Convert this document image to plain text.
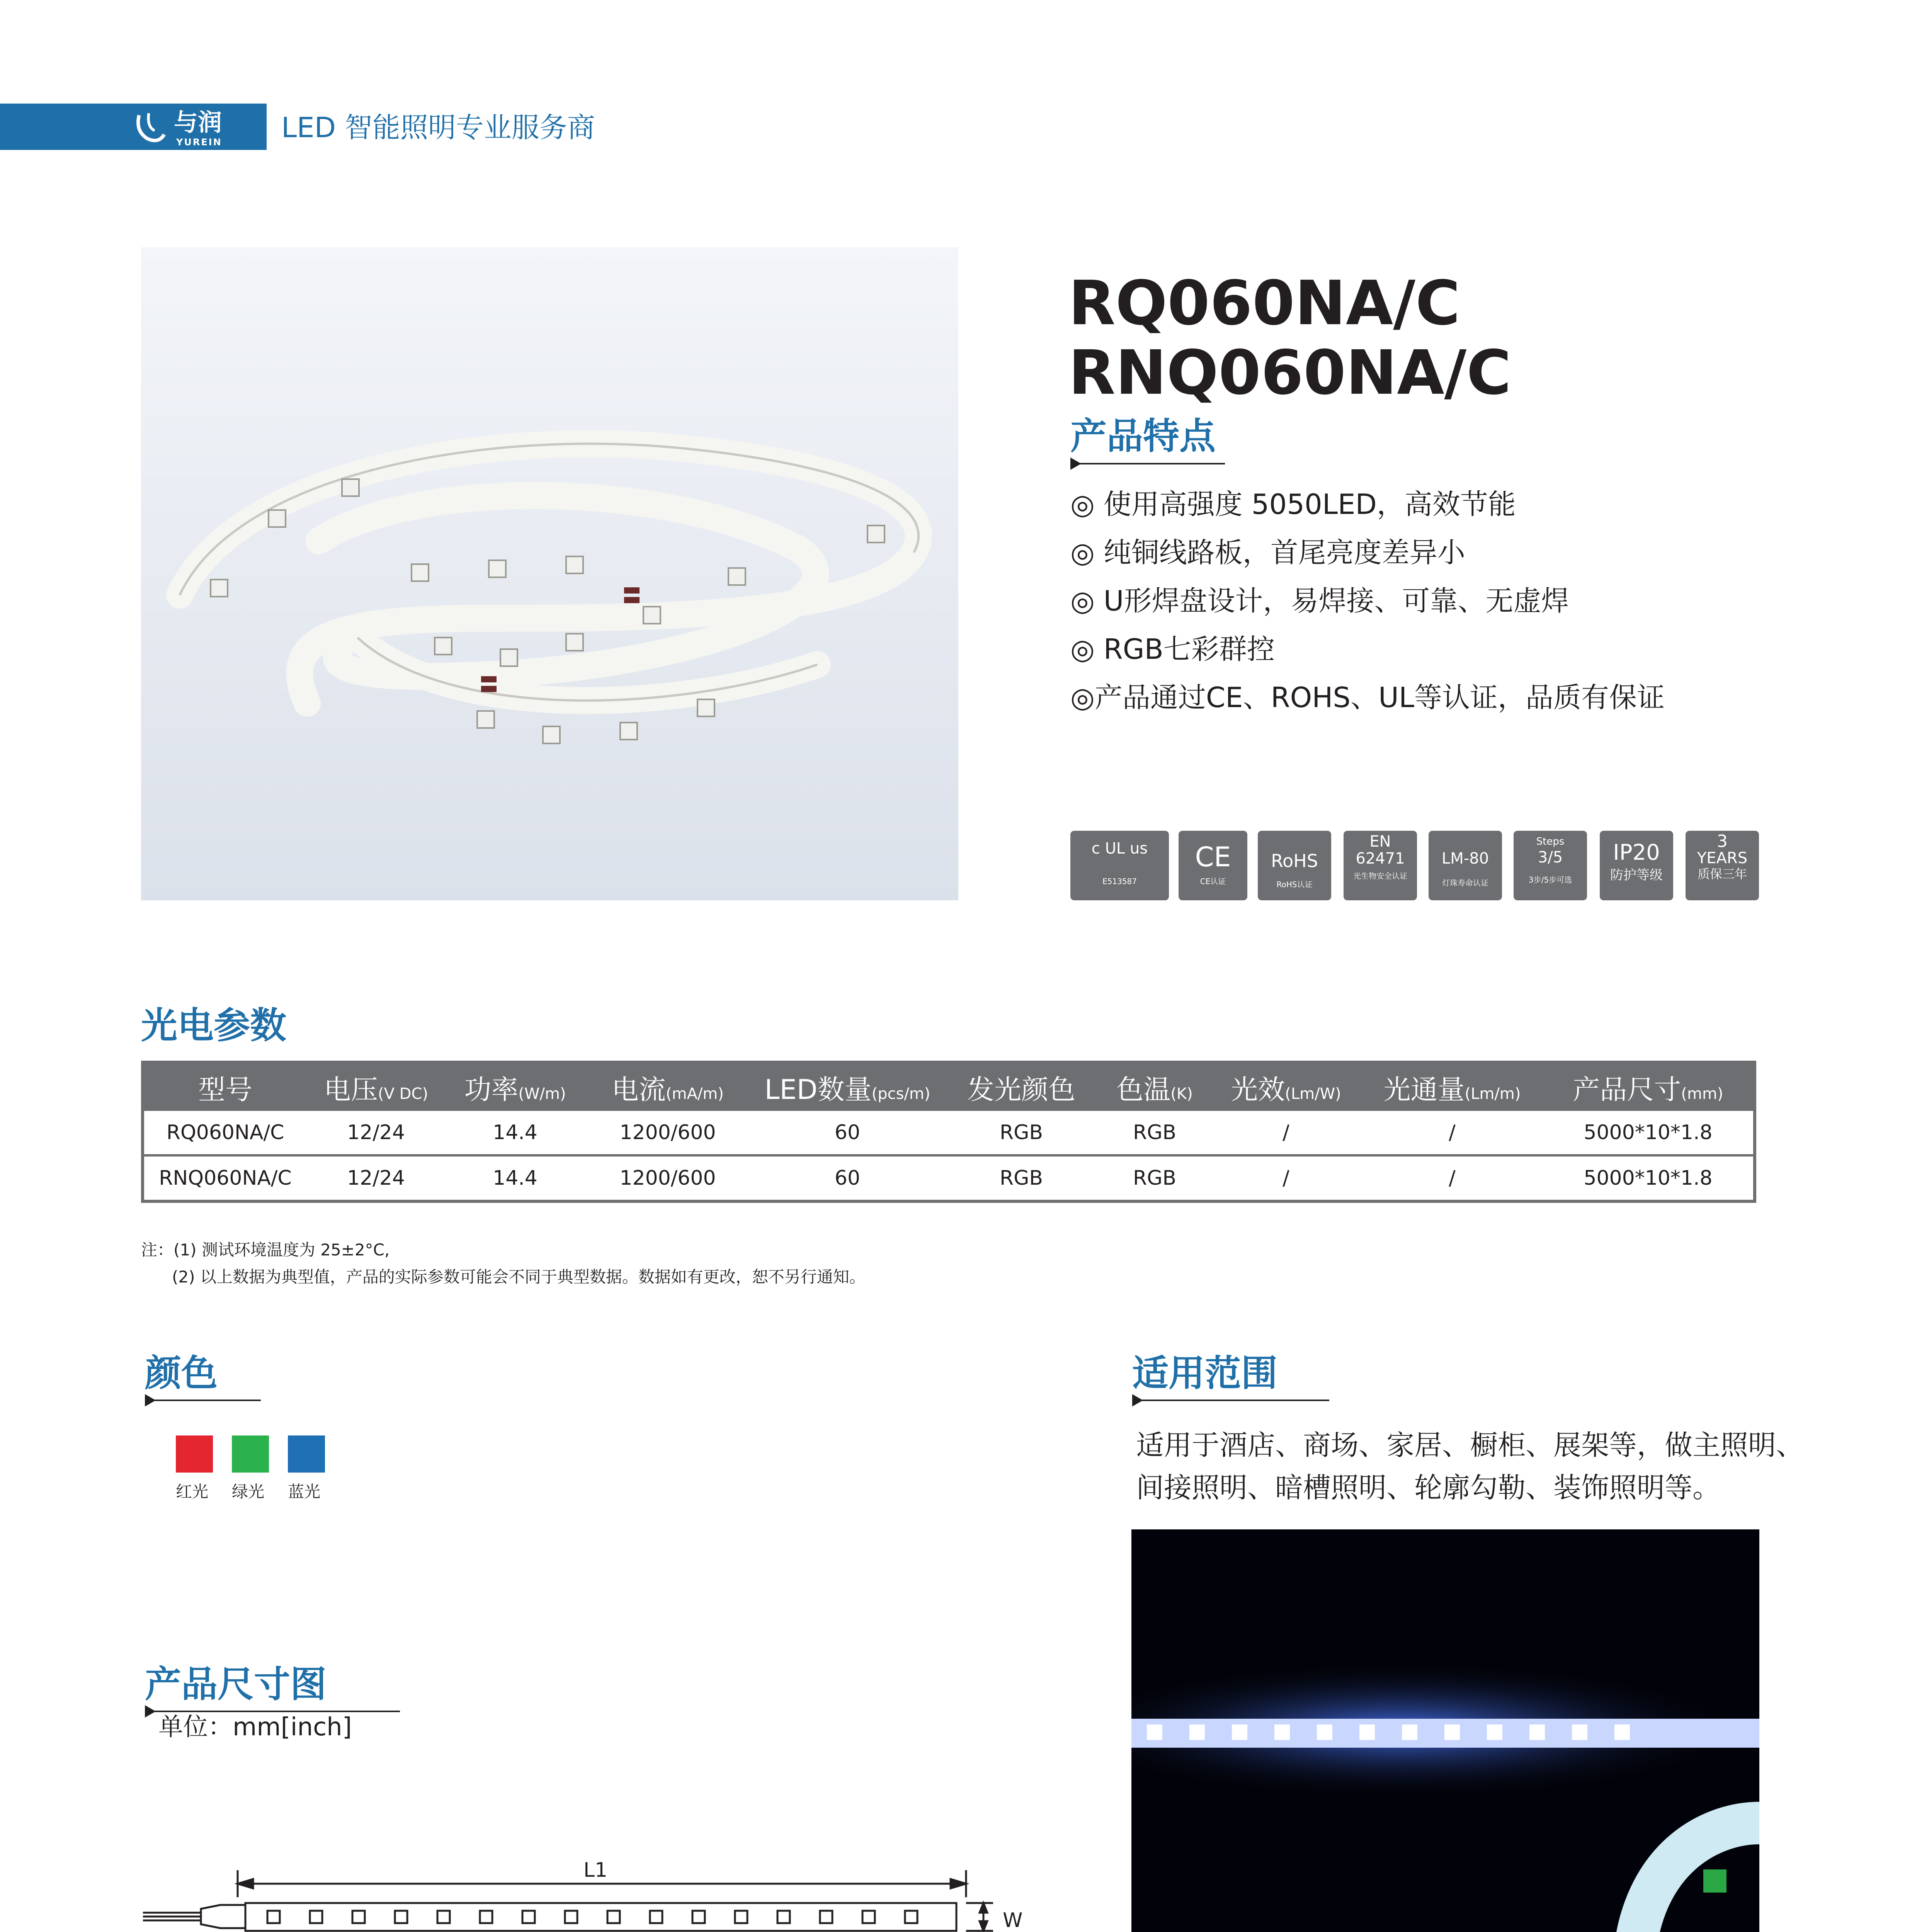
与润
YUREIN LED 智能照明专业服务商
RQ060NA/C
RNQ060NA/C
产品特点
◎ 使用高强度 5050LED，高效节能
◎ 纯铜线路板，首尾亮度差异小
◎ U形焊盘设计，易焊接、可靠、无虚焊
◎ RGB七彩群控
◎产品通过CE、ROHS、UL等认证，品质有保证
c UL us
E513587
CE
CE认证
RoHS
RoHS认证
EN
62471
光生物安全认证
LM-80
灯珠寿命认证
Steps
3/5
3步/5步可选
IP20
防护等级
3
YEARS
质保三年
光电参数
型号	电压(V DC)	功率(W/m)	电流(mA/m)	LED数量(pcs/m)	发光颜色	色温(K)	光效(Lm/W)	光通量(Lm/m)	产品尺寸(mm)
RQ060NA/C	12/24	14.4	1200/600	60	RGB	RGB	/	/	5000*10*1.8
RNQ060NA/C	12/24	14.4	1200/600	60	RGB	RGB	/	/	5000*10*1.8
注：(1) 测试环境温度为 25±2°C,
(2) 以上数据为典型值，产品的实际参数可能会不同于典型数据。数据如有更改，恕不另行通知。
颜色
红光 绿光 蓝光
适用范围
适用于酒店、商场、家居、橱柜、展架等，做主照明、
间接照明、暗槽照明、轮廓勾勒、装饰照明等。
产品尺寸图
单位：mm[inch]
L1
W
